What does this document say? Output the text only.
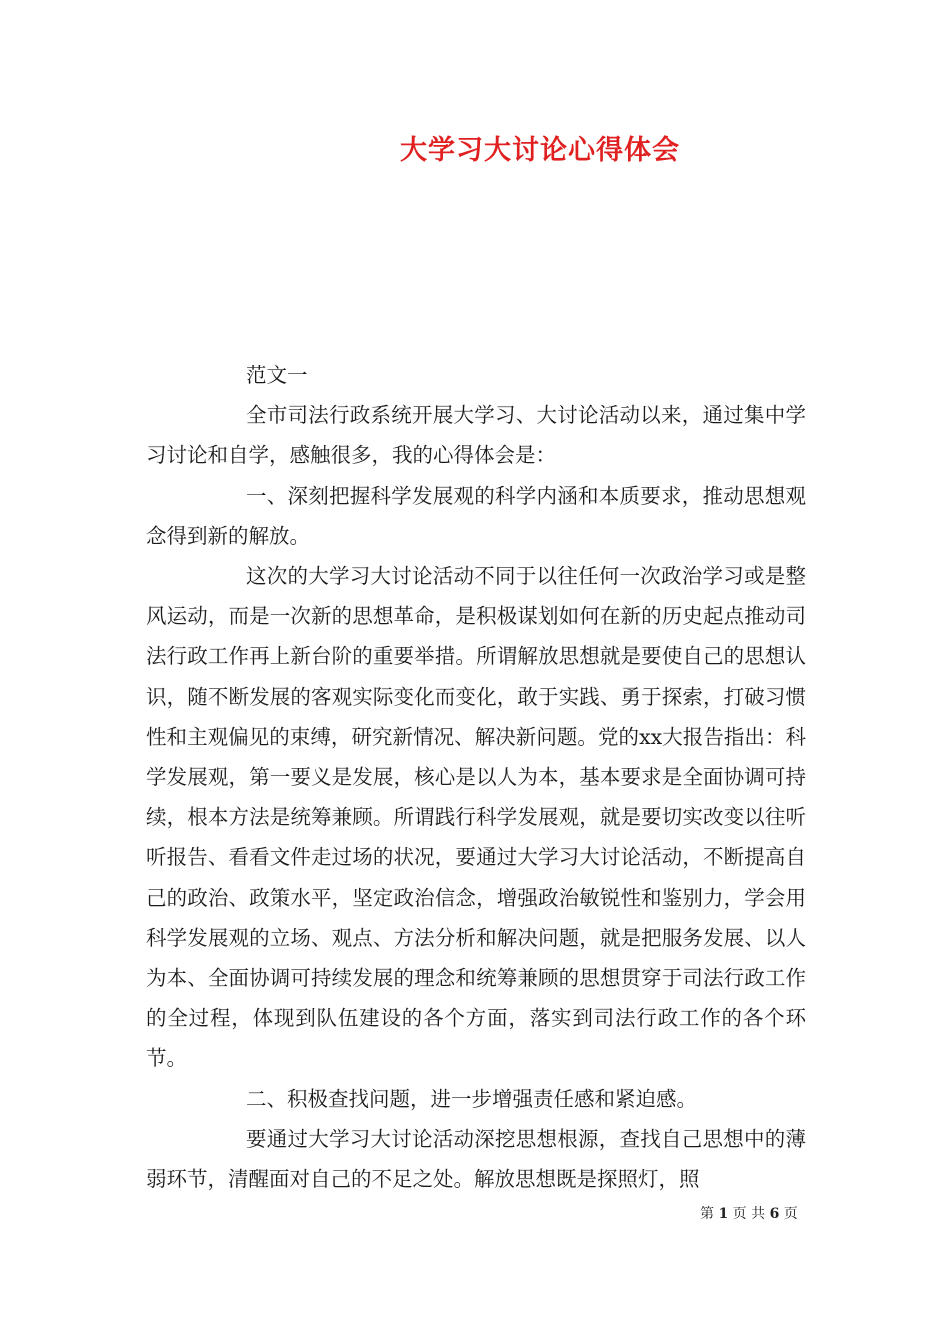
大学习大讨论心得体会

范文一

全市司法行政系统开展大学习、大讨论活动以来，通过集中学习讨论和自学，感触很多，我的心得体会是：

一、深刻把握科学发展观的科学内涵和本质要求，推动思想观念得到新的解放。

这次的大学习大讨论活动不同于以往任何一次政治学习或是整风运动，而是一次新的思想革命，是积极谋划如何在新的历史起点推动司法行政工作再上新台阶的重要举措。所谓解放思想就是要使自己的思想认识，随不断发展的客观实际变化而变化，敢于实践、勇于探索，打破习惯性和主观偏见的束缚，研究新情况、解决新问题。党的xx大报告指出：科学发展观，第一要义是发展，核心是以人为本，基本要求是全面协调可持续，根本方法是统筹兼顾。所谓践行科学发展观，就是要切实改变以往听听报告、看看文件走过场的状况，要通过大学习大讨论活动，不断提高自己的政治、政策水平，坚定政治信念，增强政治敏锐性和鉴别力，学会用科学发展观的立场、观点、方法分析和解决问题，就是把服务发展、以人为本、全面协调可持续发展的理念和统筹兼顾的思想贯穿于司法行政工作的全过程，体现到队伍建设的各个方面，落实到司法行政工作的各个环节。

二、积极查找问题，进一步增强责任感和紧迫感。

要通过大学习大讨论活动深挖思想根源，查找自己思想中的薄弱环节，清醒面对自己的不足之处。解放思想既是探照灯，照

第 1 页 共 6 页
